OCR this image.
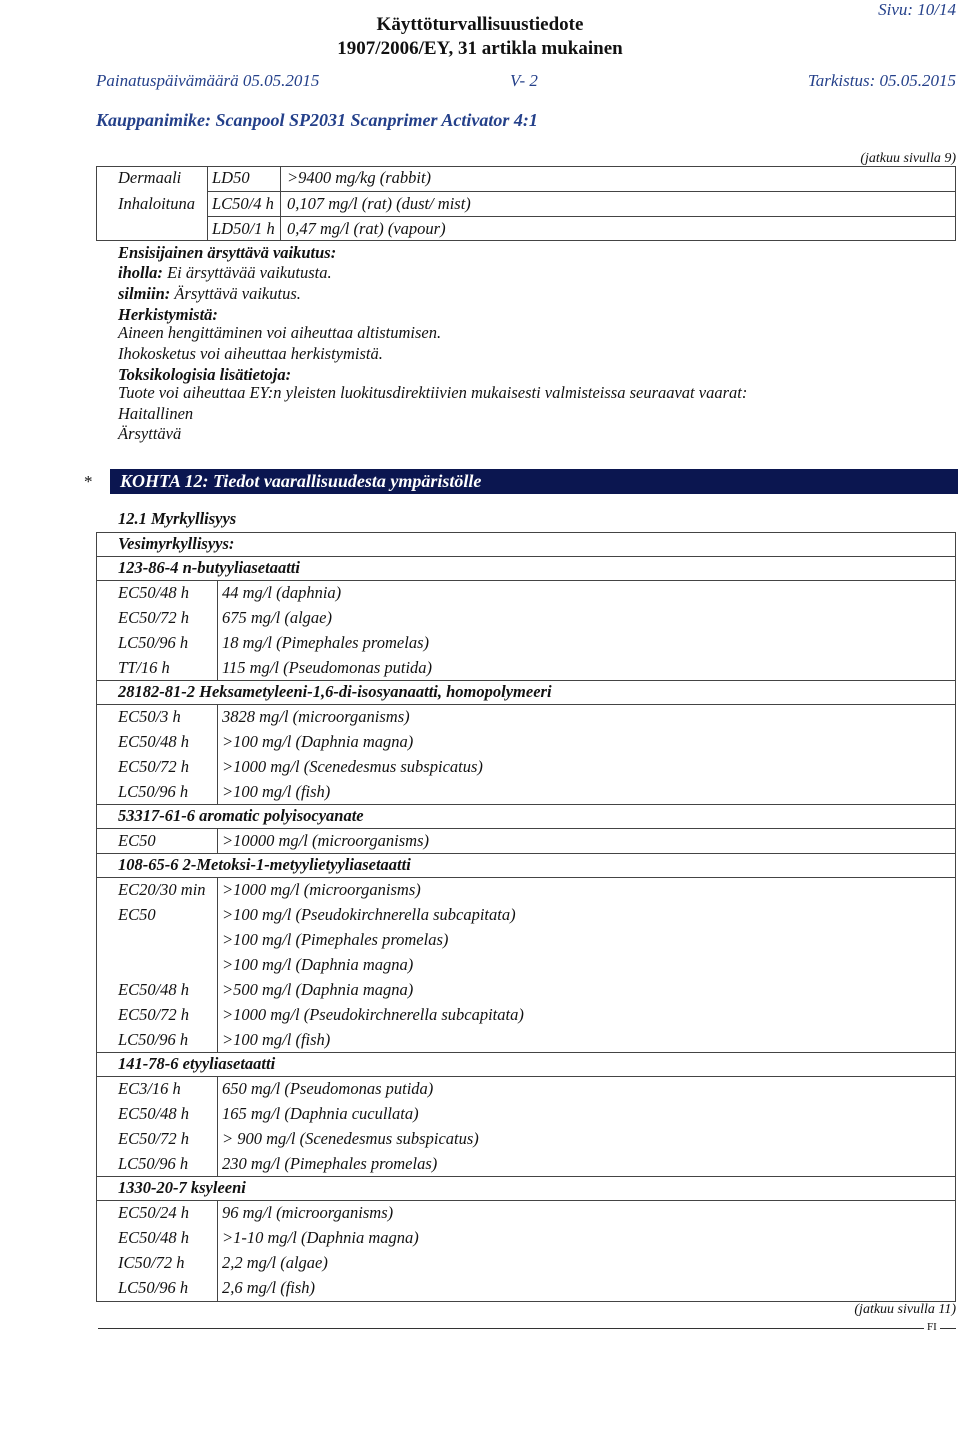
Sivu: 10/14
Käyttöturvallisuustiedote
1907/2006/EY, 31 artikla mukainen
Painatuspäivämäärä 05.05.2015	V- 2	Tarkistus: 05.05.2015
Kauppanimike: Scanpool SP2031 Scanprimer Activator 4:1
(jatkuu sivulla 9)
Dermaali LD50 >9400 mg/kg (rabbit)
Inhaloituna LC50/4 h 0,107 mg/l (rat) (dust/ mist)
LD50/1 h 0,47 mg/l (rat) (vapour)
Ensisijainen ärsyttävä vaikutus:
iholla: Ei ärsyttävää vaikutusta.
silmiin: Ärsyttävä vaikutus.
Herkistymistä:
Aineen hengittäminen voi aiheuttaa altistumisen.
Ihokosketus voi aiheuttaa herkistymistä.
Toksikologisia lisätietoja:
Tuote voi aiheuttaa EY:n yleisten luokitusdirektiivien mukaisesti valmisteissa seuraavat vaarat:
Haitallinen
Ärsyttävä
* KOHTA 12: Tiedot vaarallisuudesta ympäristölle
12.1 Myrkyllisyys
Vesimyrkyllisyys:
123-86-4 n-butyyliasetaatti
EC50/48 h 44 mg/l (daphnia)
EC50/72 h 675 mg/l (algae)
LC50/96 h 18 mg/l (Pimephales promelas)
TT/16 h	115 mg/l (Pseudomonas putida)
28182-81-2 Heksametyleeni-1,6-di-isosyanaatti, homopolymeeri
EC50/3 h 3828 mg/l (microorganisms)
EC50/48 h >100 mg/l (Daphnia magna)
EC50/72 h >1000 mg/l (Scenedesmus subspicatus)
LC50/96 h >100 mg/l (fish)
53317-61-6 aromatic polyisocyanate
EC50	>10000 mg/l (microorganisms)
108-65-6 2-Metoksi-1-metyylietyyliasetaatti
EC20/30 min >1000 mg/l (microorganisms)
EC50	>100 mg/l (Pseudokirchnerella subcapitata)
>100 mg/l (Pimephales promelas)
>100 mg/l (Daphnia magna)
EC50/48 h >500 mg/l (Daphnia magna)
EC50/72 h >1000 mg/l (Pseudokirchnerella subcapitata)
LC50/96 h >100 mg/l (fish)
141-78-6 etyyliasetaatti
EC3/16 h 650 mg/l (Pseudomonas putida)
EC50/48 h 165 mg/l (Daphnia cucullata)
EC50/72 h > 900 mg/l (Scenedesmus subspicatus)
LC50/96 h 230 mg/l (Pimephales promelas)
1330-20-7 ksyleeni
EC50/24 h 96 mg/l (microorganisms)
EC50/48 h >1-10 mg/l (Daphnia magna)
IC50/72 h 2,2 mg/l (algae)
LC50/96 h 2,6 mg/l (fish)
(jatkuu sivulla 11)
FI
